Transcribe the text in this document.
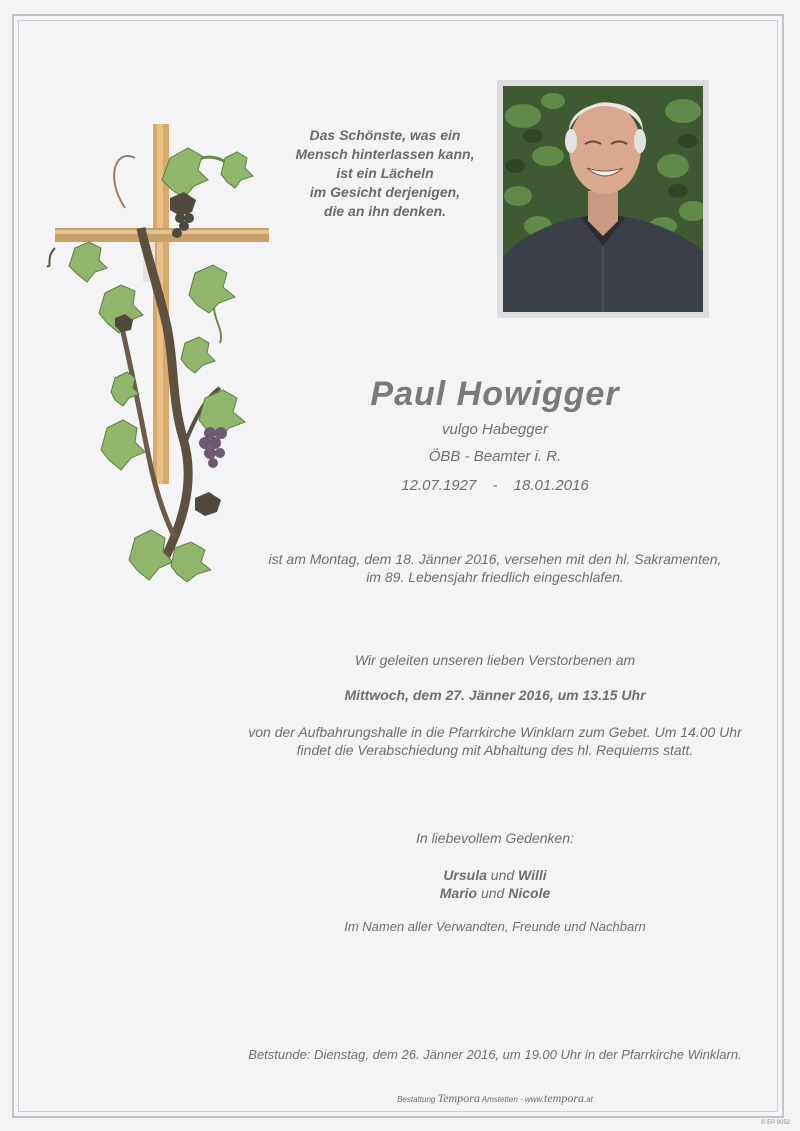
Das Schönste, was ein
Mensch hinterlassen kann,
ist ein Lächeln
im Gesicht derjenigen,
die an ihn denken.
Paul Howigger
vulgo Habegger
ÖBB - Beamter i. R.
12.07.1927 - 18.01.2016
ist am Montag, dem 18. Jänner 2016, versehen mit den hl. Sakramenten,
im 89. Lebensjahr friedlich eingeschlafen.
Wir geleiten unseren lieben Verstorbenen am
Mittwoch, dem 27. Jänner 2016, um 13.15 Uhr
von der Aufbahrungshalle in die Pfarrkirche Winklarn zum Gebet. Um 14.00 Uhr
findet die Verabschiedung mit Abhaltung des hl. Requiems statt.
In liebevollem Gedenken:
Ursula und Willi
Mario und Nicole
Im Namen aller Verwandten, Freunde und Nachbarn
Betstunde: Dienstag, dem 26. Jänner 2016, um 19.00 Uhr in der Pfarrkirche Winklarn.
Bestattung Tempora Amstetten - www.tempora.at
© EP 9052
